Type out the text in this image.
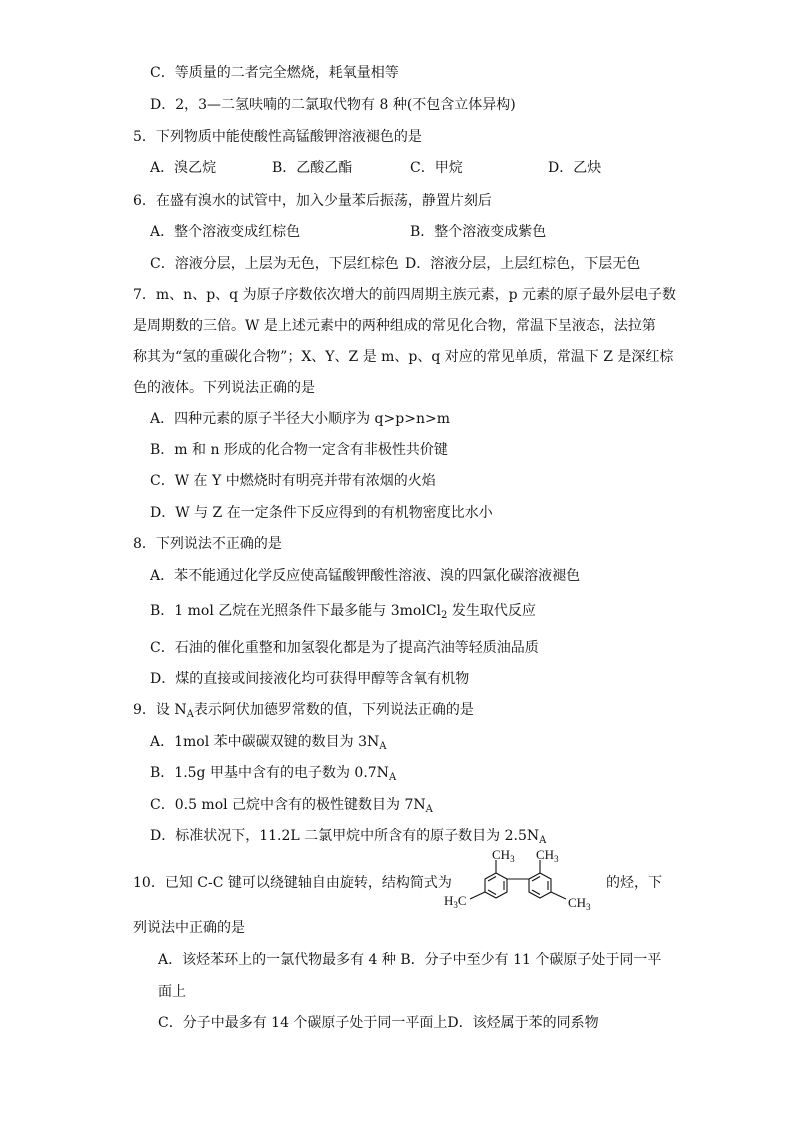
C．等质量的二者完全燃烧，耗氧量相等
D．2，3—二氢呋喃的二氯取代物有 8 种(不包含立体异构)
5．下列物质中能使酸性高锰酸钾溶液褪色的是
A．溴乙烷	B．乙酸乙酯	C．甲烷	D．乙炔
6．在盛有溴水的试管中，加入少量苯后振荡，静置片刻后
A．整个溶液变成红棕色	B．整个溶液变成紫色
C．溶液分层，上层为无色，下层红棕色 D．溶液分层，上层红棕色，下层无色
7．m、n、p、q 为原子序数依次增大的前四周期主族元素，p 元素的原子最外层电子数
是周期数的三倍。W 是上述元素中的两种组成的常见化合物，常温下呈液态，法拉第
称其为“氢的重碳化合物”；X、Y、Z 是 m、p、q 对应的常见单质，常温下 Z 是深红棕
色的液体。下列说法正确的是
A．四种元素的原子半径大小顺序为 q>p>n>m
B．m 和 n 形成的化合物一定含有非极性共价键
C．W 在 Y 中燃烧时有明亮并带有浓烟的火焰
D．W 与 Z 在一定条件下反应得到的有机物密度比水小
8．下列说法不正确的是
A．苯不能通过化学反应使高锰酸钾酸性溶液、溴的四氯化碳溶液褪色
B．1 mol 乙烷在光照条件下最多能与 3molCl$_2$ 发生取代反应
C．石油的催化重整和加氢裂化都是为了提高汽油等轻质油品质
D．煤的直接或间接液化均可获得甲醇等含氧有机物
9．设 $N_A$表示阿伏加德罗常数的值，下列说法正确的是
A．1mol 苯中碳碳双键的数目为 $3N_A$
B．1.5g 甲基中含有的电子数为 $0.7N_A$
C．0.5 mol 己烷中含有的极性键数目为 $7N_A$
D．标准状况下，11.2L 二氯甲烷中所含有的原子数目为 $2.5N_A$
10．已知 C-C 键可以绕键轴自由旋转，结构简式为	的烃，下
$CH_3$ $CH_3$
$H_3C$	$CH_3$
列说法中正确的是
A．该烃苯环上的一氯代物最多有 4 种 B．分子中至少有 11 个碳原子处于同一平
面上
C．分子中最多有 14 个碳原子处于同一平面上D．该烃属于苯的同系物
